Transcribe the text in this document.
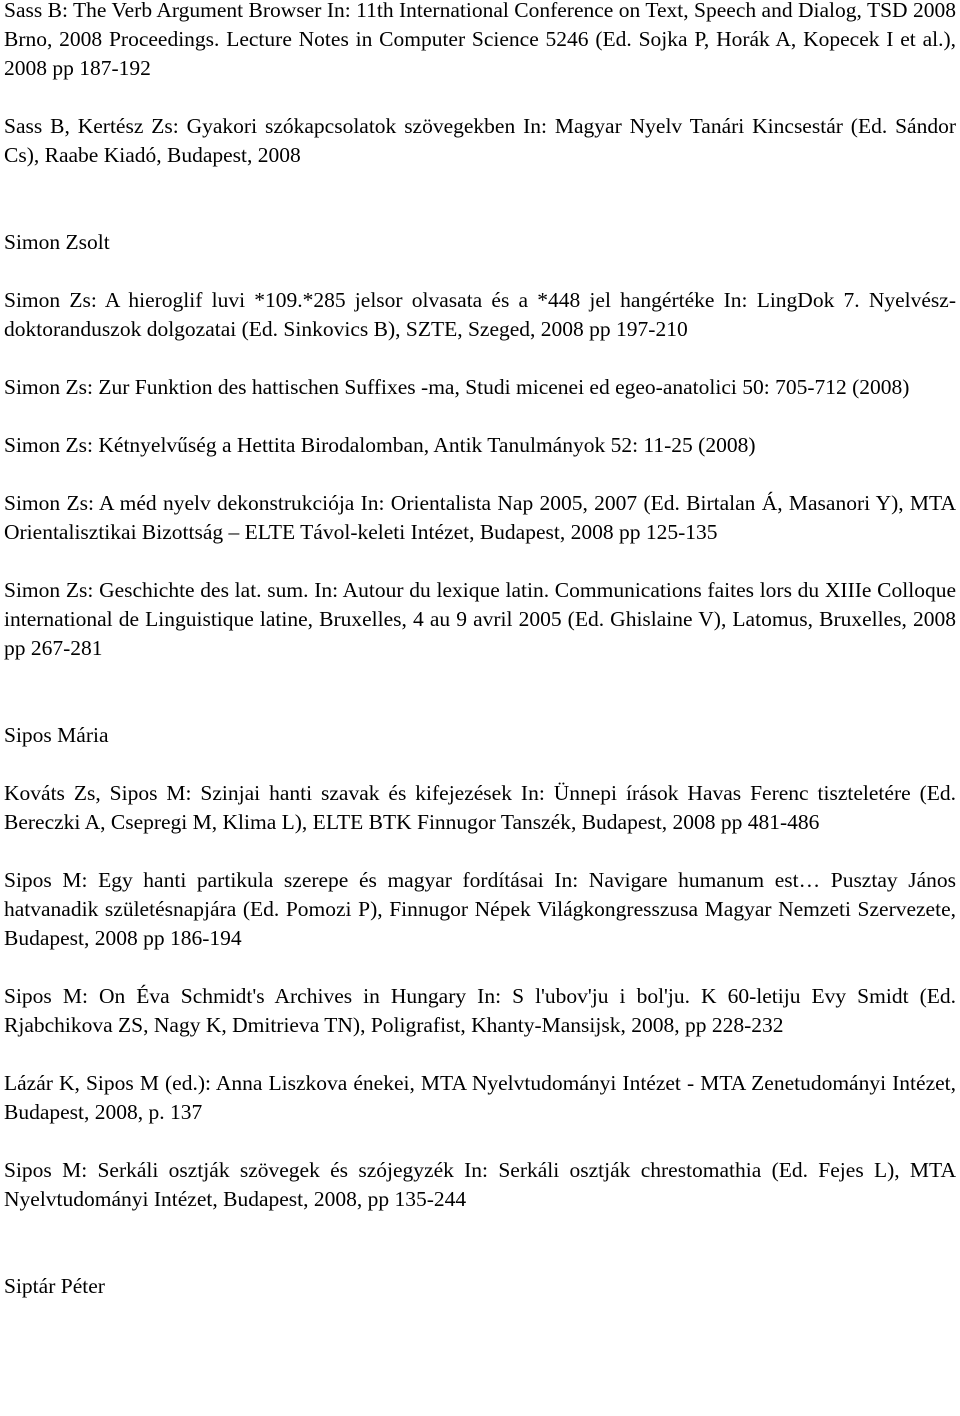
Sass B: The Verb Argument Browser In: 11th International Conference on Text, Speech and Dialog, TSD 2008 Brno, 2008 Proceedings. Lecture Notes in Computer Science 5246 (Ed. Sojka P, Horák A, Kopecek I et al.), 2008 pp 187-192

Sass B, Kertész Zs: Gyakori szókapcsolatok szövegekben In: Magyar Nyelv Tanári Kincsestár (Ed. Sándor Cs), Raabe Kiadó, Budapest, 2008

Simon Zsolt

Simon Zs: A hieroglif luvi *109.*285 jelsor olvasata és a *448 jel hangértéke In: LingDok 7. Nyelvész-doktoranduszok dolgozatai (Ed. Sinkovics B), SZTE, Szeged, 2008 pp 197-210

Simon Zs: Zur Funktion des hattischen Suffixes -ma, Studi micenei ed egeo-anatolici 50: 705-712 (2008)

Simon Zs: Kétnyelvűség a Hettita Birodalomban, Antik Tanulmányok 52: 11-25 (2008)

Simon Zs: A méd nyelv dekonstrukciója In: Orientalista Nap 2005, 2007 (Ed. Birtalan Á, Masanori Y), MTA Orientalisztikai Bizottság – ELTE Távol-keleti Intézet, Budapest, 2008 pp 125-135

Simon Zs: Geschichte des lat. sum. In: Autour du lexique latin. Communications faites lors du XIIIe Colloque international de Linguistique latine, Bruxelles, 4 au 9 avril 2005 (Ed. Ghislaine V), Latomus, Bruxelles, 2008 pp 267-281

Sipos Mária

Kováts Zs, Sipos M: Szinjai hanti szavak és kifejezések In: Ünnepi írások Havas Ferenc tiszteletére (Ed. Bereczki A, Csepregi M, Klima L), ELTE BTK Finnugor Tanszék, Budapest, 2008 pp 481-486

Sipos M: Egy hanti partikula szerepe és magyar fordításai In: Navigare humanum est… Pusztay János hatvanadik születésnapjára (Ed. Pomozi P), Finnugor Népek Világkongresszusa Magyar Nemzeti Szervezete, Budapest, 2008 pp 186-194

Sipos M: On Éva Schmidt's Archives in Hungary In: S l'ubov'ju i bol'ju. K 60-letiju Evy Smidt (Ed. Rjabchikova ZS, Nagy K, Dmitrieva TN), Poligrafist, Khanty-Mansijsk, 2008, pp 228-232

Lázár K, Sipos M (ed.): Anna Liszkova énekei, MTA Nyelvtudományi Intézet - MTA Zenetudományi Intézet, Budapest, 2008, p. 137

Sipos M: Serkáli osztják szövegek és szójegyzék In: Serkáli osztják chrestomathia (Ed. Fejes L), MTA Nyelvtudományi Intézet, Budapest, 2008, pp 135-244

Siptár Péter
